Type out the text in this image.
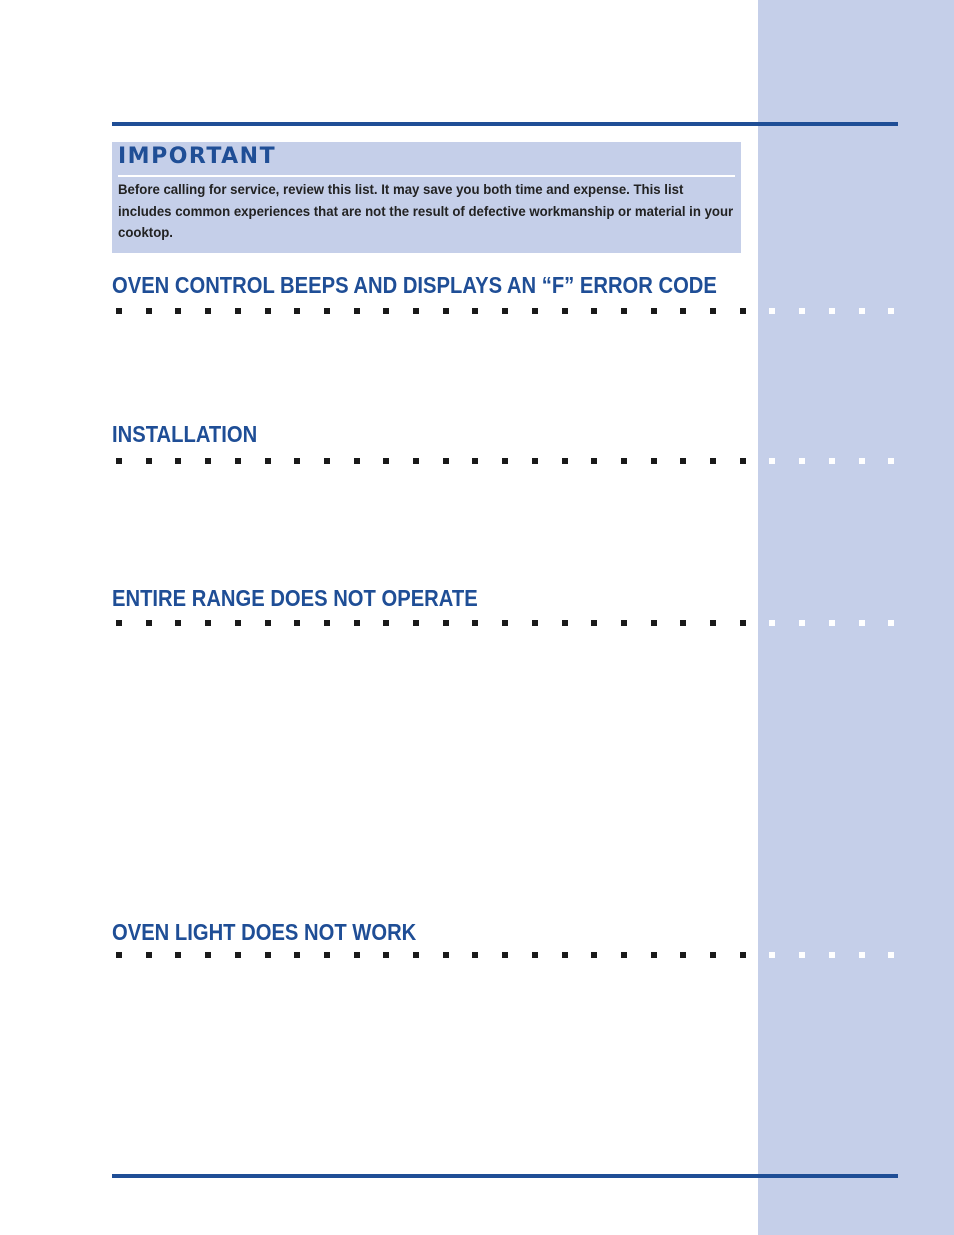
IMPORTANT
Before calling for service, review this list. It may save you both time and expense. This list includes common experiences that are not the result of defective workmanship or material in your cooktop.
OVEN CONTROL BEEPS AND DISPLAYS AN “F” ERROR CODE
INSTALLATION
ENTIRE RANGE DOES NOT OPERATE
OVEN LIGHT DOES NOT WORK
